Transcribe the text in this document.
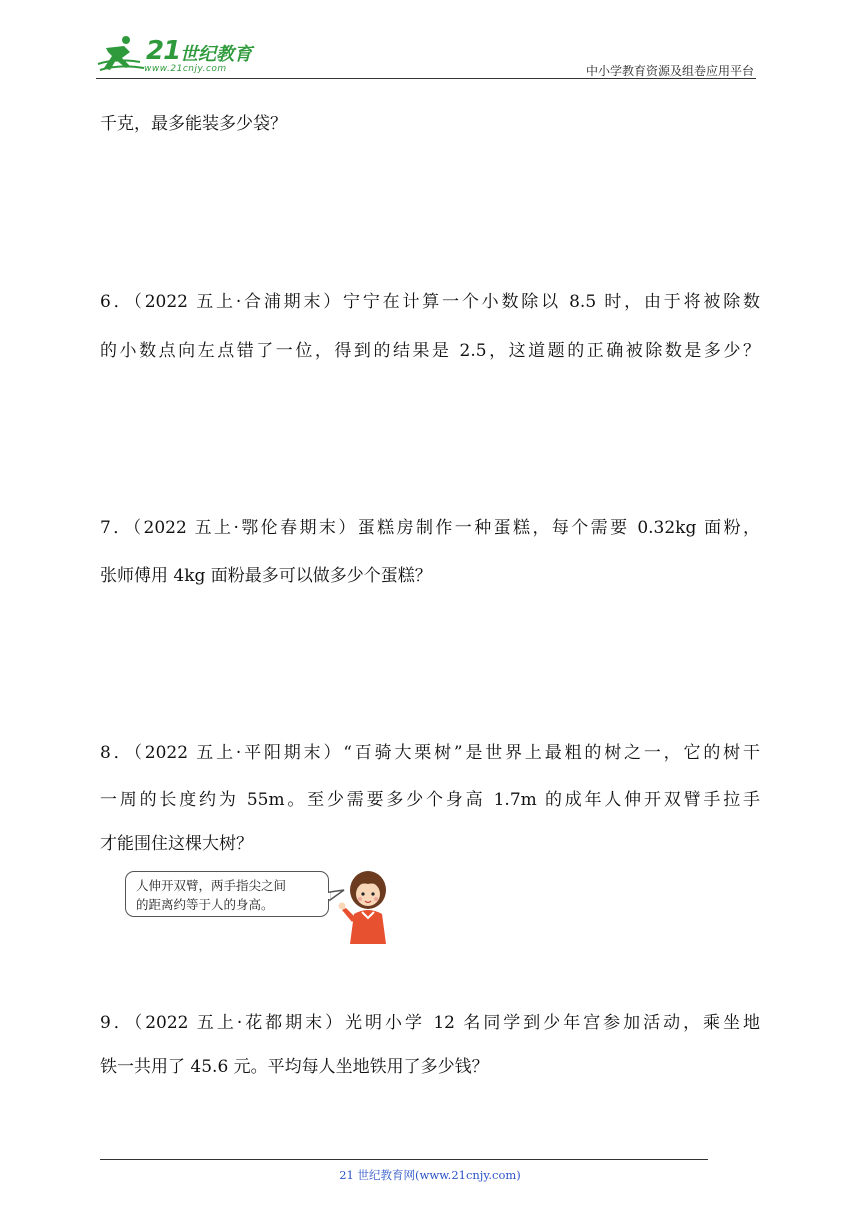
21 世纪教育
www.21cnjy.com	中小学教育资源及组卷应用平台
千克，最多能装多少袋？
6．（2022 五上·合浦期末）宁宁在计算一个小数除以 8.5 时，由于将被除数
的小数点向左点错了一位，得到的结果是 2.5，这道题的正确被除数是多少？
7．（2022 五上·鄂伦春期末）蛋糕房制作一种蛋糕，每个需要 0.32kg 面粉，
张师傅用 4kg 面粉最多可以做多少个蛋糕？
8．（2022 五上·平阳期末）“百骑大栗树”是世界上最粗的树之一，它的树干
一周的长度约为 55m。至少需要多少个身高 1.7m 的成年人伸开双臂手拉手
才能围住这棵大树？
人伸开双臂，两手指尖之间
的距离约等于人的身高。
9．（2022 五上·花都期末）光明小学 12 名同学到少年宫参加活动，乘坐地
铁一共用了 45.6 元。平均每人坐地铁用了多少钱？
21 世纪教育网(www.21cnjy.com)
